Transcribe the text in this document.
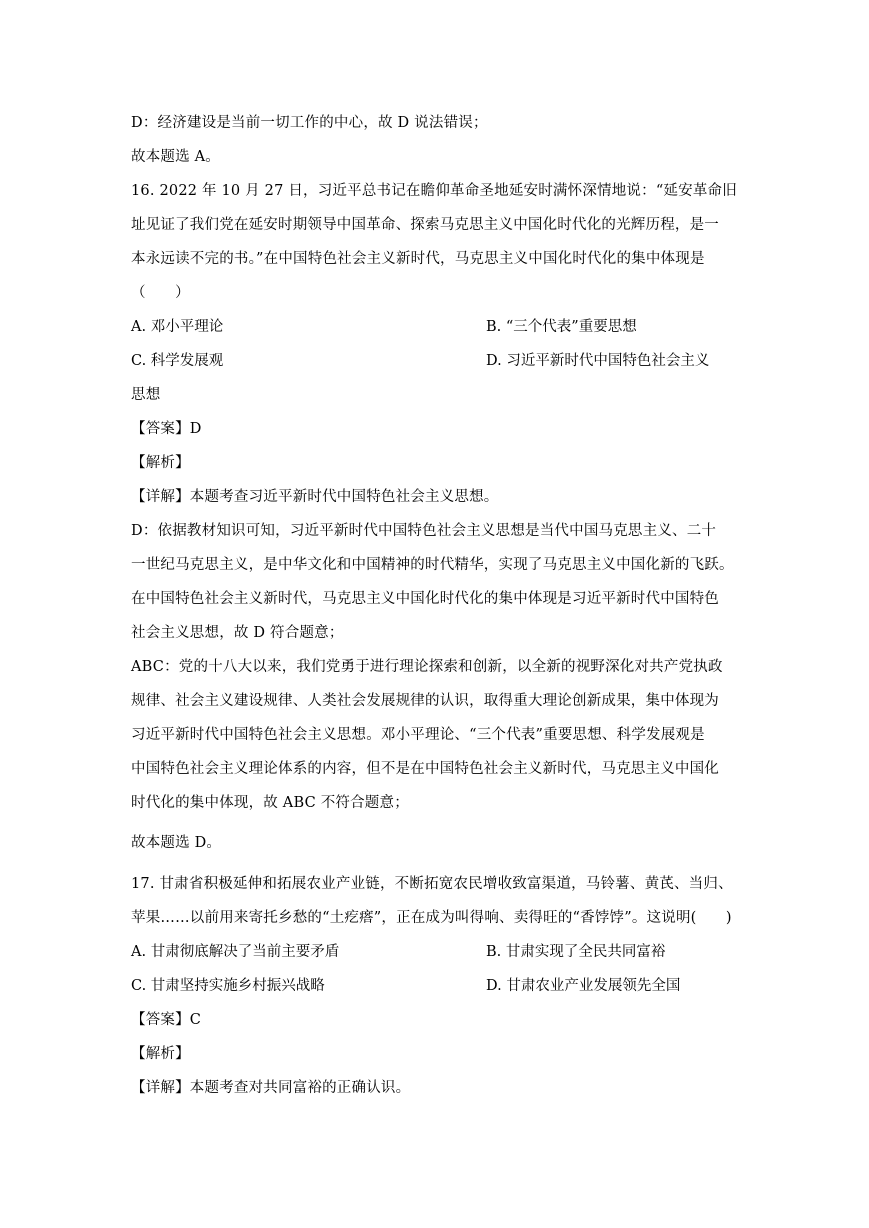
D：经济建设是当前一切工作的中心，故 D 说法错误；
故本题选 A。
16. 2022 年 10 月 27 日，习近平总书记在瞻仰革命圣地延安时满怀深情地说：“延安革命旧
址见证了我们党在延安时期领导中国革命、探索马克思主义中国化时代化的光辉历程，是一
本永远读不完的书。”在中国特色社会主义新时代，马克思主义中国化时代化的集中体现是
（　　）
A. 邓小平理论	B. “三个代表”重要思想
C. 科学发展观	D. 习近平新时代中国特色社会主义
思想
【答案】D
【解析】
【详解】本题考查习近平新时代中国特色社会主义思想。
D：依据教材知识可知，习近平新时代中国特色社会主义思想是当代中国马克思主义、二十
一世纪马克思主义，是中华文化和中国精神的时代精华，实现了马克思主义中国化新的飞跃。
在中国特色社会主义新时代，马克思主义中国化时代化的集中体现是习近平新时代中国特色
社会主义思想，故 D 符合题意；
ABC：党的十八大以来，我们党勇于进行理论探索和创新，以全新的视野深化对共产党执政
规律、社会主义建设规律、人类社会发展规律的认识，取得重大理论创新成果，集中体现为
习近平新时代中国特色社会主义思想。邓小平理论、“三个代表”重要思想、科学发展观是
中国特色社会主义理论体系的内容，但不是在中国特色社会主义新时代，马克思主义中国化
时代化的集中体现，故 ABC 不符合题意；
故本题选 D。
17. 甘肃省积极延伸和拓展农业产业链，不断拓宽农民增收致富渠道，马铃薯、黄芪、当归、
苹果……以前用来寄托乡愁的“土疙瘩”，正在成为叫得响、卖得旺的“香饽饽”。这说明(　　)
A. 甘肃彻底解决了当前主要矛盾	B. 甘肃实现了全民共同富裕
C. 甘肃坚持实施乡村振兴战略	D. 甘肃农业产业发展领先全国
【答案】C
【解析】
【详解】本题考查对共同富裕的正确认识。
